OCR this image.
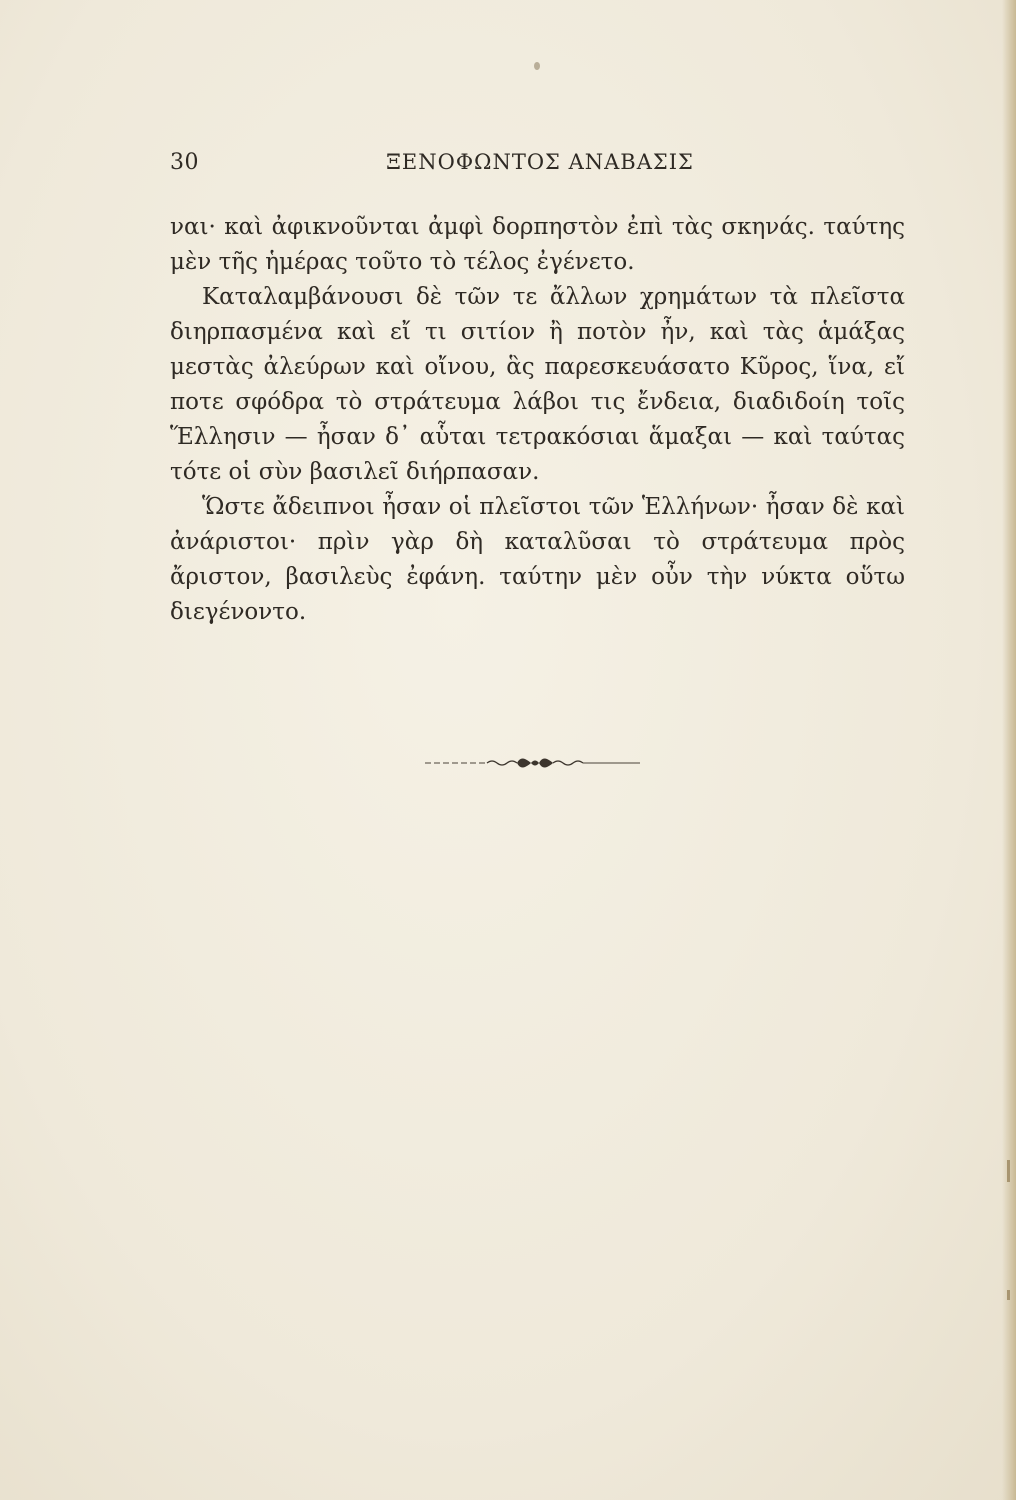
30	ΞΕΝΟΦΩΝΤΟΣ ΑΝΑΒΑΣΙΣ

ναι· καὶ ἀφικνοῦνται ἀμφὶ δορπηστὸν ἐπὶ τὰς σκηνάς. ταύτης μὲν τῆς ἡμέρας τοῦτο τὸ τέλος ἐγένετο.

Καταλαμβάνουσι δὲ τῶν τε ἄλλων χρημάτων τὰ πλεῖστα διηρπασμένα καὶ εἴ τι σιτίον ἢ ποτὸν ἦν, καὶ τὰς ἁμάξας μεστὰς ἀλεύρων καὶ οἴνου, ἃς παρεσκευάσατο Κῦρος, ἵνα, εἴ ποτε σφόδρα τὸ στράτευμα λάβοι τις ἔνδεια, διαδιδοίη τοῖς Ἕλλησιν — ἦσαν δ᾽ αὗται τετρακόσιαι ἅμαξαι — καὶ ταύτας τότε οἱ σὺν βασιλεῖ διήρπασαν.

Ὥστε ἄδειπνοι ἦσαν οἱ πλεῖστοι τῶν Ἑλλήνων· ἦσαν δὲ καὶ ἀνάριστοι· πρὶν γὰρ δὴ καταλῦσαι τὸ στράτευμα πρὸς ἄριστον, βασιλεὺς ἐφάνη. ταύτην μὲν οὖν τὴν νύκτα οὕτω διεγένοντο.
